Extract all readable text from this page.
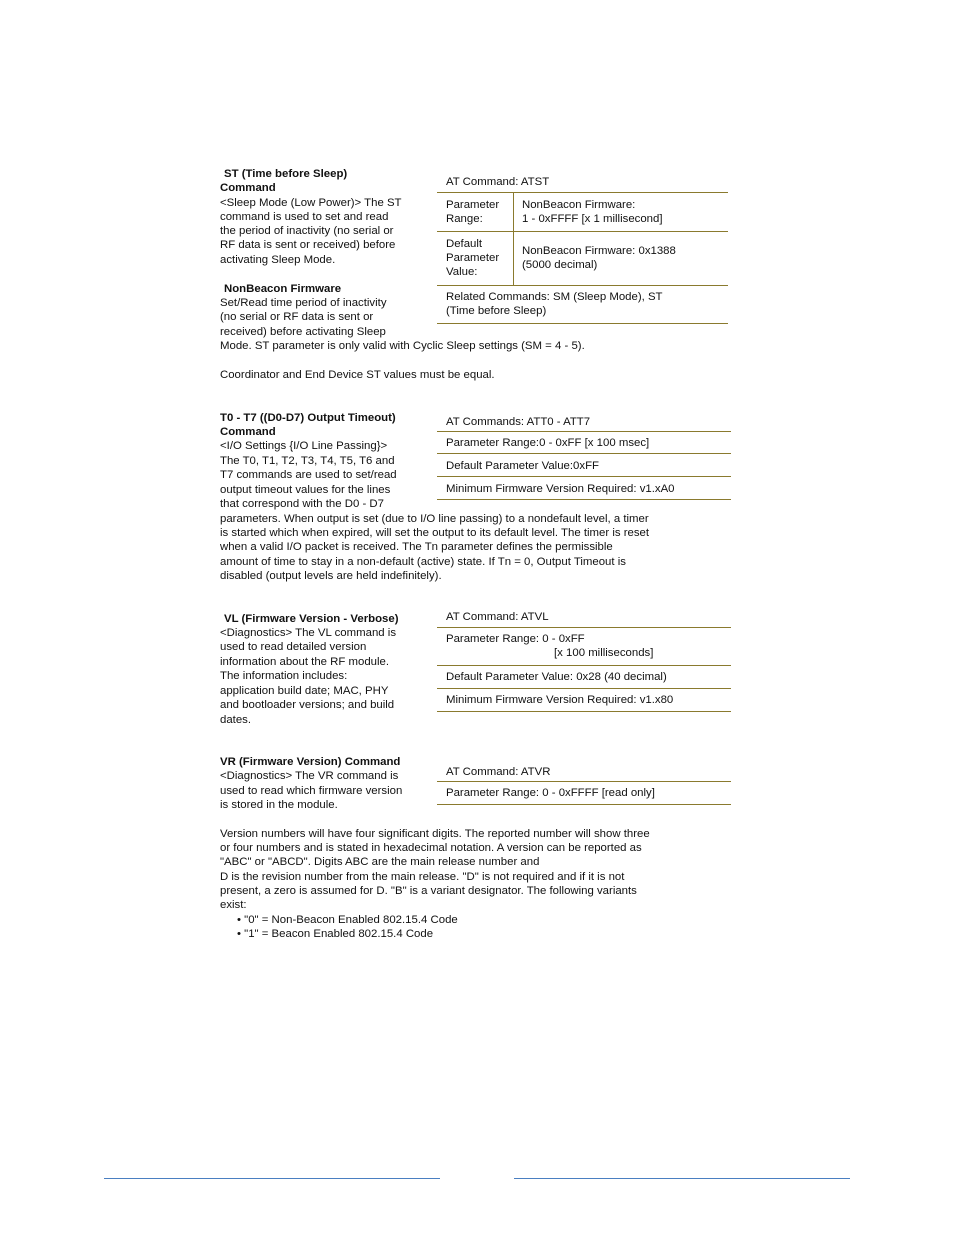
ST (Time before Sleep)
Command
<Sleep Mode (Low Power)> The ST
command is used to set and read
the period of inactivity (no serial or
RF data is sent or received) before
activating Sleep Mode.
NonBeacon Firmware
Set/Read time period of inactivity
(no serial or RF data is sent or
received) before activating Sleep
Mode. ST parameter is only valid with Cyclic Sleep settings (SM = 4 - 5).
Coordinator and End Device ST values must be equal.
AT Command: ATST
Parameter
Range:
NonBeacon Firmware:
1 - 0xFFFF [x 1 millisecond]
Default
Parameter
Value:
NonBeacon Firmware: 0x1388
(5000 decimal)
Related Commands: SM (Sleep Mode), ST
(Time before Sleep)
T0 - T7 ((D0-D7) Output Timeout)
Command
<I/O Settings {I/O Line Passing}>
The T0, T1, T2, T3, T4, T5, T6 and
T7 commands are used to set/read
output timeout values for the lines
that correspond with the D0 - D7
parameters. When output is set (due to I/O line passing) to a nondefault level, a timer
is started which when expired, will set the output to its default level. The timer is reset
when a valid I/O packet is received. The Tn parameter defines the permissible
amount of time to stay in a non-default (active) state. If Tn = 0, Output Timeout is
disabled (output levels are held indefinitely).
AT Commands: ATT0 - ATT7
Parameter Range:0 - 0xFF [x 100 msec]
Default Parameter Value:0xFF
Minimum Firmware Version Required: v1.xA0
VL (Firmware Version - Verbose)
<Diagnostics> The VL command is
used to read detailed version
information about the RF module.
The information includes:
application build date; MAC, PHY
and bootloader versions; and build
dates.
AT Command: ATVL
Parameter Range: 0 - 0xFF
[x 100 milliseconds]
Default Parameter Value: 0x28 (40 decimal)
Minimum Firmware Version Required: v1.x80
VR (Firmware Version) Command
<Diagnostics> The VR command is
used to read which firmware version
is stored in the module.
AT Command: ATVR
Parameter Range: 0 - 0xFFFF [read only]
Version numbers will have four significant digits. The reported number will show three
or four numbers and is stated in hexadecimal notation. A version can be reported as
"ABC" or "ABCD". Digits ABC are the main release number and
D is the revision number from the main release. "D" is not required and if it is not
present, a zero is assumed for D. "B" is a variant designator. The following variants
exist:
• "0" = Non-Beacon Enabled 802.15.4 Code
• "1" = Beacon Enabled 802.15.4 Code
